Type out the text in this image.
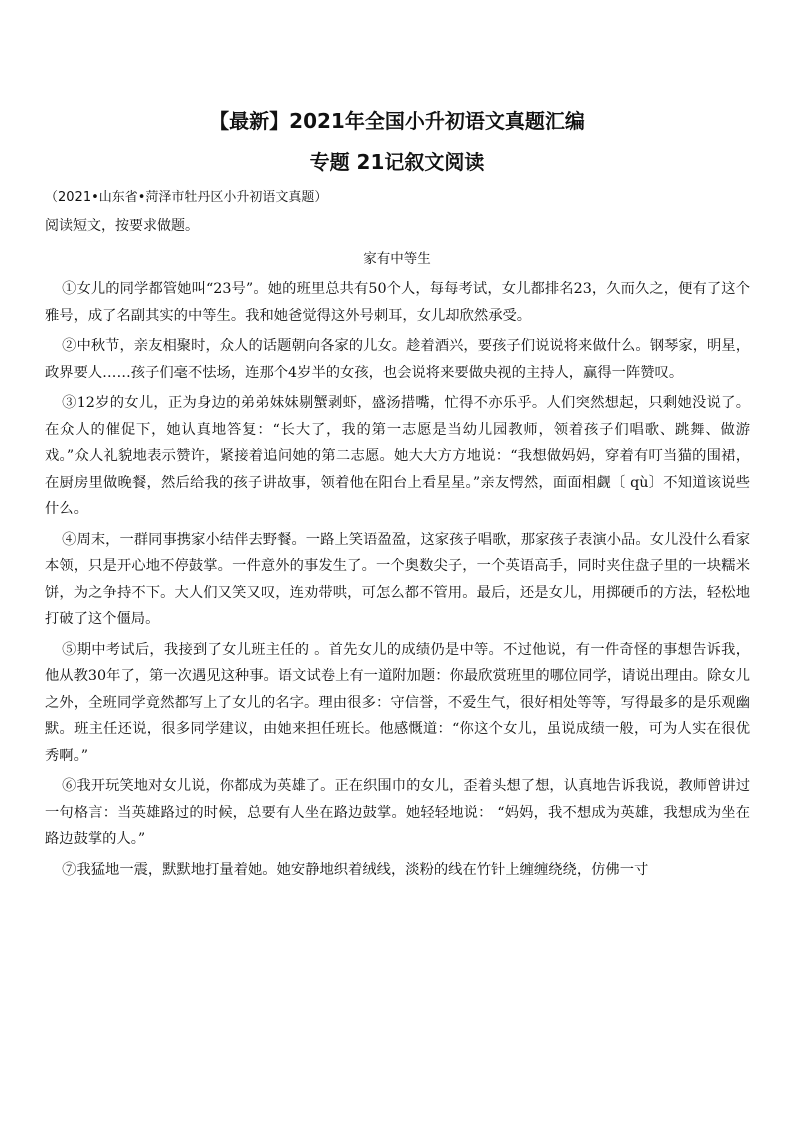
【最新】2021年全国小升初语文真题汇编
专题 21记叙文阅读
（2021•山东省•菏泽市牡丹区小升初语文真题）
阅读短文，按要求做题。
家有中等生

①女儿的同学都管她叫“23号”。她的班里总共有50个人，每每考试，女儿都排名23，久而久之，便有了这个雅号，成了名副其实的中等生。我和她爸觉得这外号刺耳，女儿却欣然承受。

②中秋节，亲友相聚时，众人的话题朝向各家的儿女。趁着酒兴，要孩子们说说将来做什么。钢琴家，明星，政界要人……孩子们毫不怯场，连那个4岁半的女孩，也会说将来要做央视的主持人，赢得一阵赞叹。

③12岁的女儿，正为身边的弟弟妹妹剔蟹剥虾，盛汤措嘴，忙得不亦乐乎。人们突然想起，只剩她没说了。在众人的催促下，她认真地答复：“长大了，我的第一志愿是当幼儿园教师，领着孩子们唱歌、跳舞、做游戏。”众人礼貌地表示赞许，紧接着追问她的第二志愿。她大大方方地说：“我想做妈妈，穿着有叮当猫的围裙，在厨房里做晚餐，然后给我的孩子讲故事，领着他在阳台上看星星。”亲友愕然，面面相觑〔 qù〕不知道该说些什么。

④周末，一群同事携家小结伴去野餐。一路上笑语盈盈，这家孩子唱歌，那家孩子表演小品。女儿没什么看家本领，只是开心地不停鼓掌。一件意外的事发生了。一个奥数尖子，一个英语高手，同时夹住盘子里的一块糯米饼，为之争持不下。大人们又笑又叹，连劝带哄，可怎么都不管用。最后，还是女儿，用掷硬币的方法，轻松地打破了这个僵局。

⑤期中考试后，我接到了女儿班主任的 。首先女儿的成绩仍是中等。不过他说，有一件奇怪的事想告诉我，他从教30年了，第一次遇见这种事。语文试卷上有一道附加题：你最欣赏班里的哪位同学，请说出理由。除女儿之外，全班同学竟然都写上了女儿的名字。理由很多：守信誉，不爱生气，很好相处等等，写得最多的是乐观幽默。班主任还说，很多同学建议，由她来担任班长。他感慨道：“你这个女儿，虽说成绩一般，可为人实在很优秀啊。”

⑥我开玩笑地对女儿说，你都成为英雄了。正在织围巾的女儿，歪着头想了想，认真地告诉我说，教师曾讲过一句格言：当英雄路过的时候，总要有人坐在路边鼓掌。她轻轻地说： “妈妈，我不想成为英雄，我想成为坐在路边鼓掌的人。”

⑦我猛地一震，默默地打量着她。她安静地织着绒线，淡粉的线在竹针上缠缠绕绕，仿佛一寸
